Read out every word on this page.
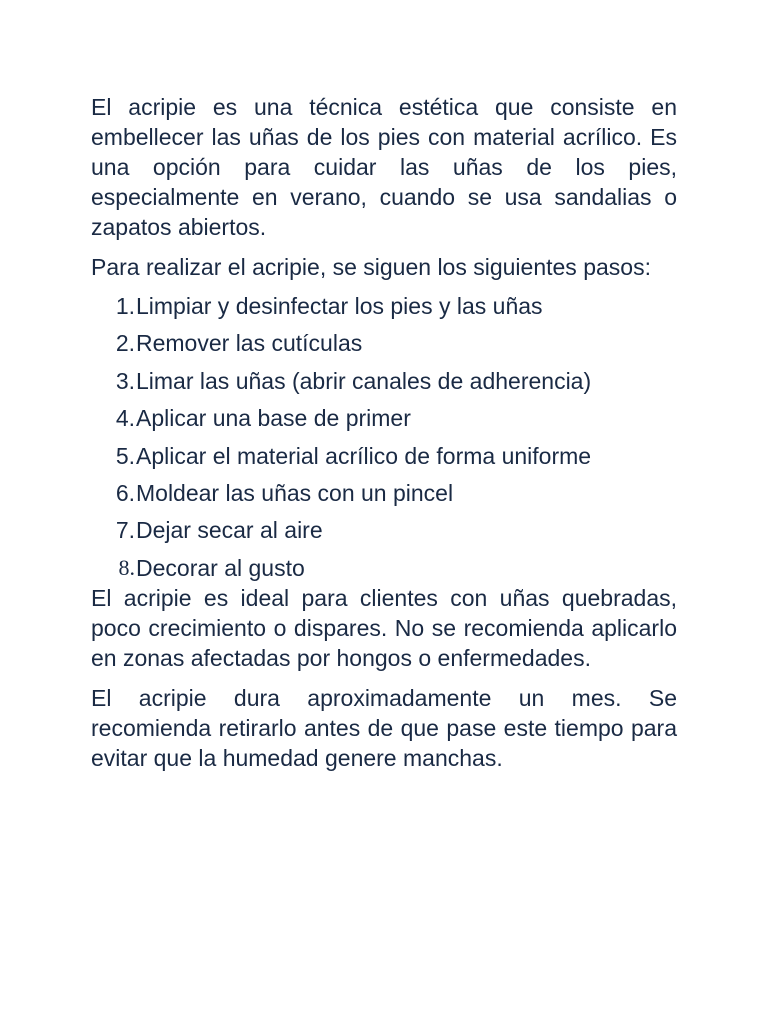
El acripie es una técnica estética que consiste en embellecer las uñas de los pies con material acrílico. Es una opción para cuidar las uñas de los pies, especialmente en verano, cuando se usa sandalias o zapatos abiertos.

Para realizar el acripie, se siguen los siguientes pasos:

1. Limpiar y desinfectar los pies y las uñas
2. Remover las cutículas
3. Limar las uñas (abrir canales de adherencia)
4. Aplicar una base de primer
5. Aplicar el material acrílico de forma uniforme
6. Moldear las uñas con un pincel
7. Dejar secar al aire
8. Decorar al gusto

El acripie es ideal para clientes con uñas quebradas, poco crecimiento o dispares. No se recomienda aplicarlo en zonas afectadas por hongos o enfermedades.

El acripie dura aproximadamente un mes. Se recomienda retirarlo antes de que pase este tiempo para evitar que la humedad genere manchas.
